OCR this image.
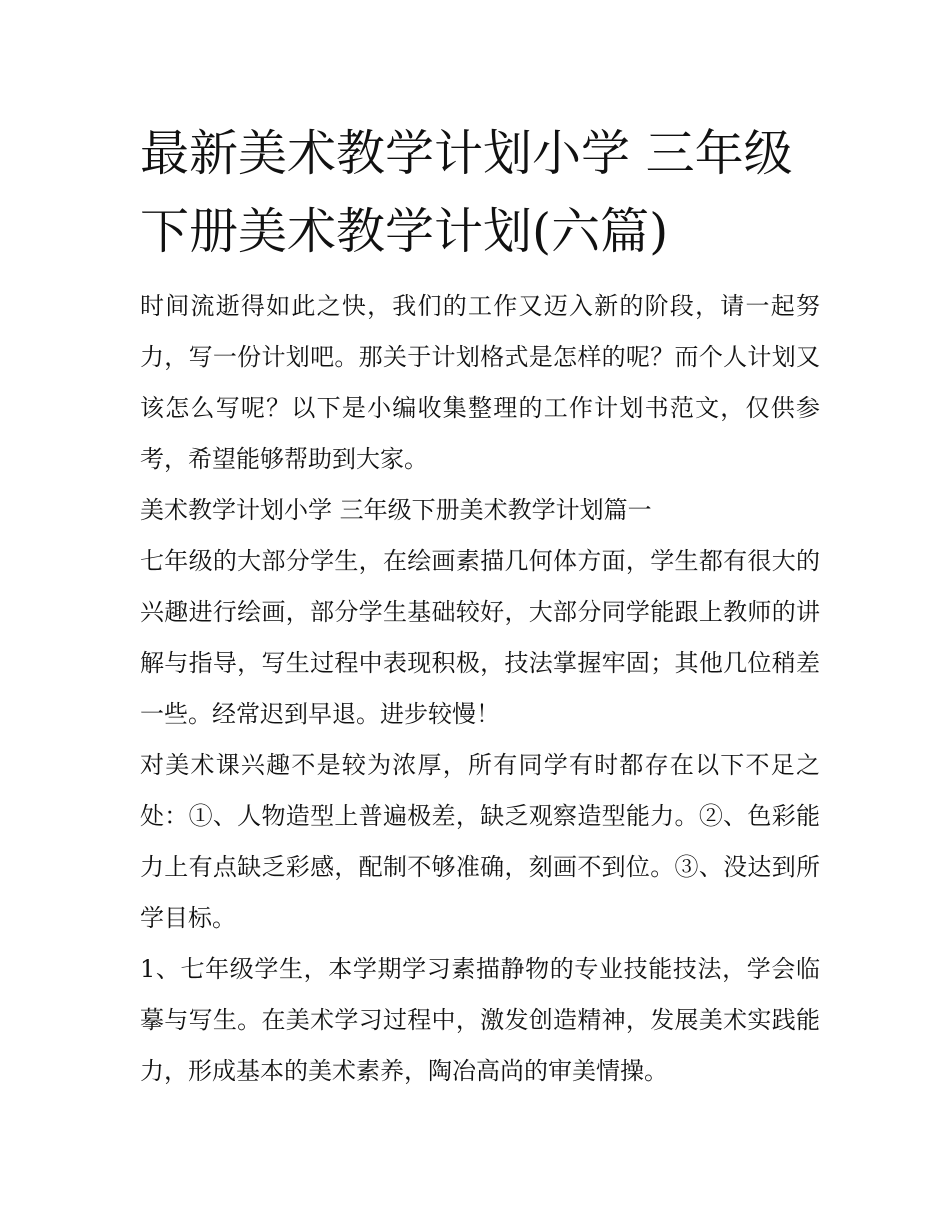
最新美术教学计划小学 三年级下册美术教学计划(六篇)

时间流逝得如此之快，我们的工作又迈入新的阶段，请一起努力，写一份计划吧。那关于计划格式是怎样的呢？而个人计划又该怎么写呢？以下是小编收集整理的工作计划书范文，仅供参考，希望能够帮助到大家。

美术教学计划小学 三年级下册美术教学计划篇一

七年级的大部分学生，在绘画素描几何体方面，学生都有很大的兴趣进行绘画，部分学生基础较好，大部分同学能跟上教师的讲解与指导，写生过程中表现积极，技法掌握牢固；其他几位稍差一些。经常迟到早退。进步较慢！

对美术课兴趣不是较为浓厚，所有同学有时都存在以下不足之处：①、人物造型上普遍极差，缺乏观察造型能力。②、色彩能力上有点缺乏彩感，配制不够准确，刻画不到位。③、没达到所学目标。

1、七年级学生，本学期学习素描静物的专业技能技法，学会临摹与写生。在美术学习过程中，激发创造精神，发展美术实践能力，形成基本的美术素养，陶冶高尚的审美情操。
